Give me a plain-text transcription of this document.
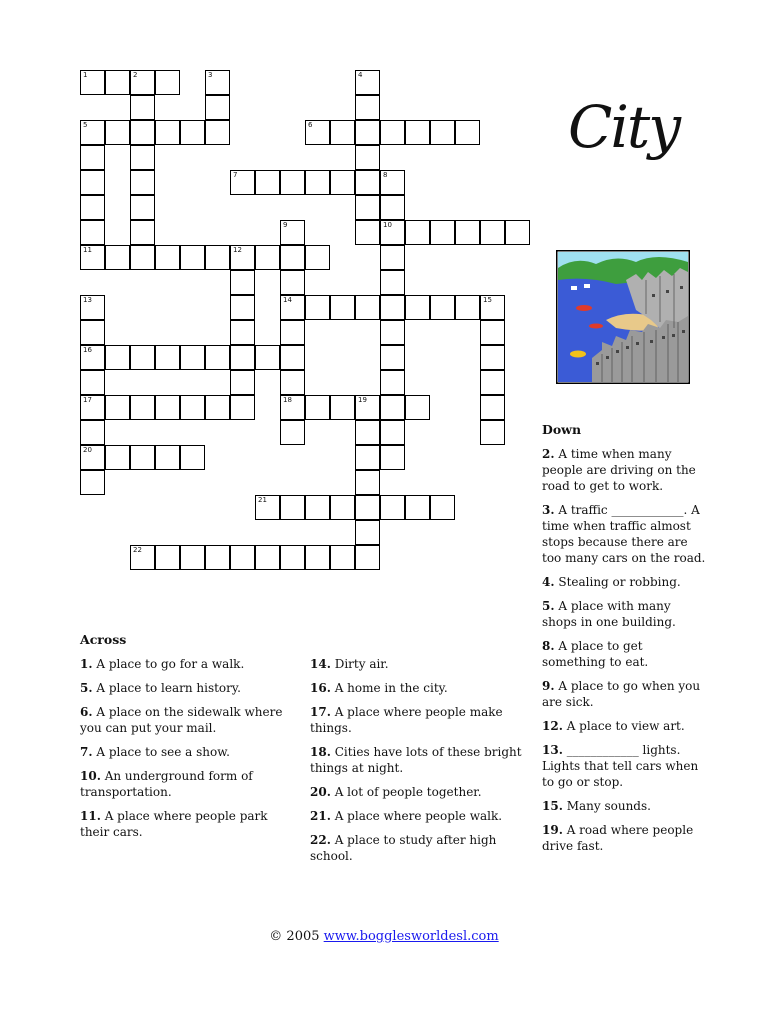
1	2
5	6
7	8
10
11	12
14	15
16
17	18	19
20
21
22
3	4
9
13
City
Across
1. A place to go for a walk.
5. A place to learn history.
6. A place on the sidewalk where you can put your mail.
7. A place to see a show.
10. An underground form of transportation.
11. A place where people park their cars.
14. Dirty air.
16. A home in the city.
17. A place where people make things.
18. Cities have lots of these bright things at night.
20. A lot of people together.
21. A place where people walk.
22. A place to study after high school.
Down
2. A time when many people are driving on the road to get to work.
3. A traffic ____________. A time when traffic almost stops because there are too many cars on the road.
4. Stealing or robbing.
5. A place with many shops in one building.
8. A place to get something to eat.
9. A place to go when you are sick.
12. A place to view art.
13. ____________ lights. Lights that tell cars when to go or stop.
15. Many sounds.
19. A road where people drive fast.
© 2005 www.bogglesworldesl.com
